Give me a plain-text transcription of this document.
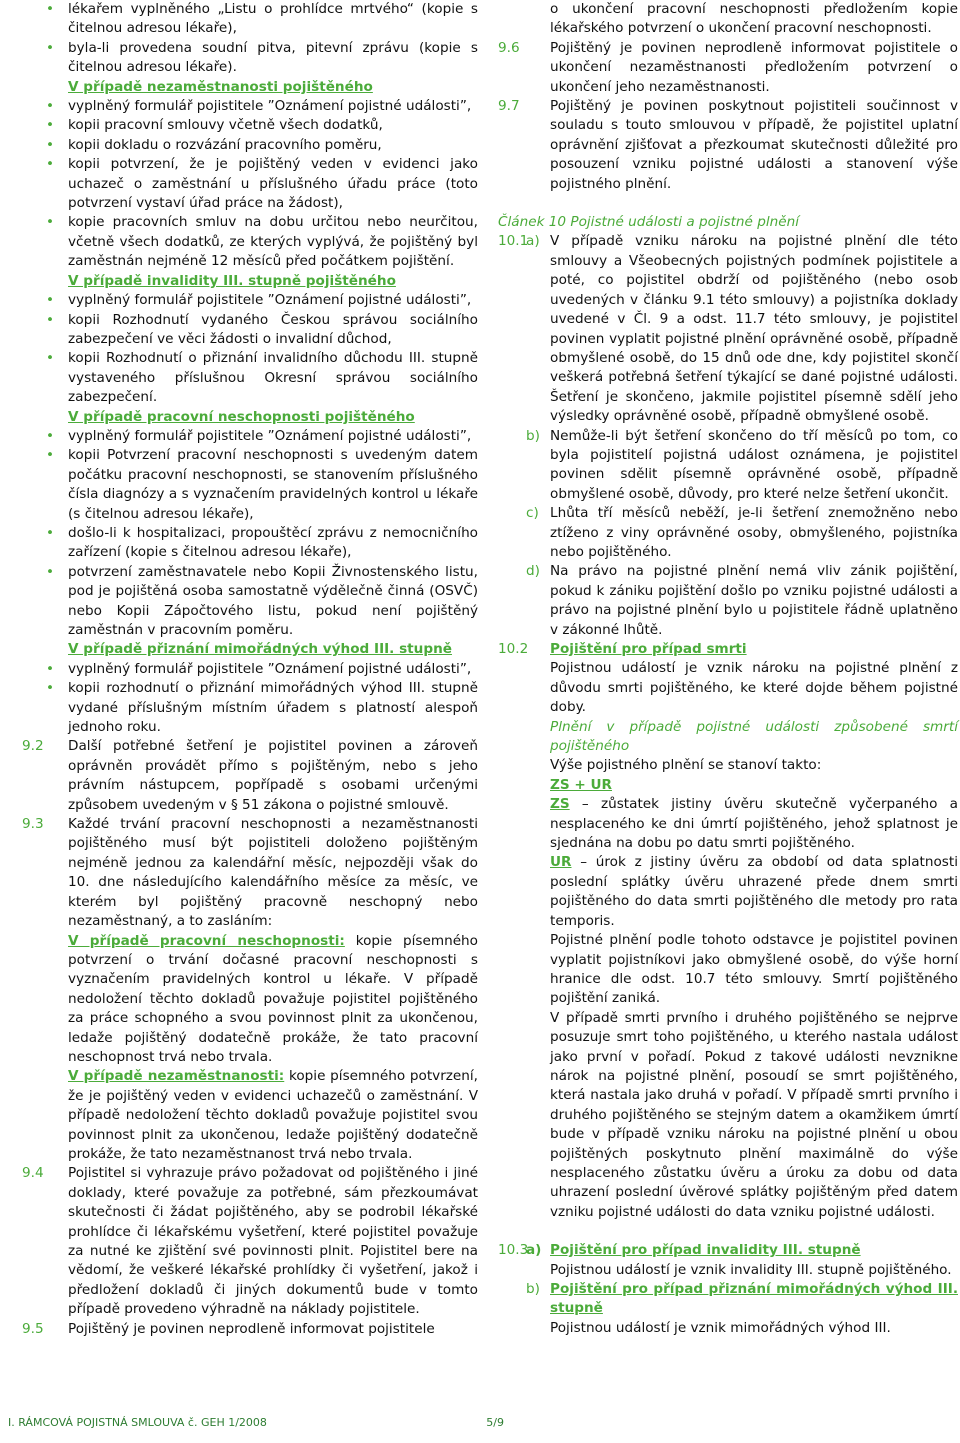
• lékařem vyplněného „Listu o prohlídce mrtvého“ (kopie s čitelnou adresou lékaře),
• byla-li provedena soudní pitva, pitevní zprávu (kopie s čitelnou adresou lékaře).
V případě nezaměstnanosti pojištěného
• vyplněný formulář pojistitele ”Oznámení pojistné události”,
• kopii pracovní smlouvy včetně všech dodatků,
• kopii dokladu o rozvázání pracovního poměru,
• kopii potvrzení, že je pojištěný veden v evidenci jako uchazeč o zaměstnání u příslušného úřadu práce (toto potvrzení vystaví úřad práce na žádost),
• kopie pracovních smluv na dobu určitou nebo neurčitou, včetně všech dodatků, ze kterých vyplývá, že pojištěný byl zaměstnán nejméně 12 měsíců před počátkem pojištění.
V případě invalidity III. stupně pojištěného
• vyplněný formulář pojistitele ”Oznámení pojistné události”,
• kopii Rozhodnutí vydaného Českou správou sociálního zabezpečení ve věci žádosti o invalidní důchod,
• kopii Rozhodnutí o přiznání invalidního důchodu III. stupně vystaveného příslušnou Okresní správou sociálního zabezpečení.
V případě pracovní neschopnosti pojištěného
• vyplněný formulář pojistitele ”Oznámení pojistné události”,
• kopii Potvrzení pracovní neschopnosti s uvedeným datem počátku pracovní neschopnosti, se stanovením příslušného čísla diagnózy a s vyznačením pravidelných kontrol u lékaře (s čitelnou adresou lékaře),
• došlo-li k hospitalizaci, propouštěcí zprávu z nemocničního zařízení (kopie s čitelnou adresou lékaře),
• potvrzení zaměstnavatele nebo Kopii Živnostenského listu, pod je pojištěná osoba samostatně výdělečně činná (OSVČ) nebo Kopii Zápočtového listu, pokud není pojištěný zaměstnán v pracovním poměru.
V případě přiznání mimořádných výhod III. stupně
• vyplněný formulář pojistitele ”Oznámení pojistné události”,
• kopii rozhodnutí o přiznání mimořádných výhod III. stupně vydané příslušným místním úřadem s platností alespoň jednoho roku.
9.2 Další potřebné šetření je pojistitel povinen a zároveň oprávněn provádět přímo s pojištěným, nebo s jeho právním nástupcem, popřípadě s osobami určenými způsobem uvedeným v § 51 zákona o pojistné smlouvě.
9.3 Každé trvání pracovní neschopnosti a nezaměstnanosti pojištěného musí být pojistiteli doloženo pojištěným nejméně jednou za kalendářní měsíc, nejpozději však do 10. dne následujícího kalendářního měsíce za měsíc, ve kterém byl pojištěný pracovně neschopný nebo nezaměstnaný, a to zasláním:
V případě pracovní neschopnosti: kopie písemného potvrzení o trvání dočasné pracovní neschopnosti s vyznačením pravidelných kontrol u lékaře. V případě nedoložení těchto dokladů považuje pojistitel pojištěného za práce schopného a svou povinnost plnit za ukončenou, ledaže pojištěný dodatečně prokáže, že tato pracovní neschopnost trvá nebo trvala.
V případě nezaměstnanosti: kopie písemného potvrzení, že je pojištěný veden v evidenci uchazečů o zaměstnání. V případě nedoložení těchto dokladů považuje pojistitel svou povinnost plnit za ukončenou, ledaže pojištěný dodatečně prokáže, že tato nezaměstnanost trvá nebo trvala.
9.4 Pojistitel si vyhrazuje právo požadovat od pojištěného i jiné doklady, které považuje za potřebné, sám přezkoumávat skutečnosti či žádat pojištěného, aby se podrobil lékařské prohlídce či lékařskému vyšetření, které pojistitel považuje za nutné ke zjištění své povinnosti plnit. Pojistitel bere na vědomí, že veškeré lékařské prohlídky či vyšetření, jakož i předložení dokladů či jiných dokumentů bude v tomto případě provedeno výhradně na náklady pojistitele.
9.5 Pojištěný je povinen neprodleně informovat pojistitele
o ukončení pracovní neschopnosti předložením kopie lékařského potvrzení o ukončení pracovní neschopnosti.
9.6 Pojištěný je povinen neprodleně informovat pojistitele o ukončení nezaměstnanosti předložením potvrzení o ukončení jeho nezaměstnanosti.
9.7 Pojištěný je povinen poskytnout pojistiteli součinnost v souladu s touto smlouvou v případě, že pojistitel uplatní oprávnění zjišťovat a přezkoumat skutečnosti důležité pro posouzení vzniku pojistné události a stanovení výše pojistného plnění.
Článek 10 Pojistné události a pojistné plnění
10.1
a) V případě vzniku nároku na pojistné plnění dle této smlouvy a Všeobecných pojistných podmínek pojistitele a poté, co pojistitel obdrží od pojištěného (nebo osob uvedených v článku 9.1 této smlouvy) a pojistníka doklady uvedené v Čl. 9 a odst. 11.7 této smlouvy, je pojistitel povinen vyplatit pojistné plnění oprávněné osobě, případně obmyšlené osobě, do 15 dnů ode dne, kdy pojistitel skončí veškerá potřebná šetření týkající se dané pojistné události. Šetření je skončeno, jakmile pojistitel písemně sdělí jeho výsledky oprávněné osobě, případně obmyšlené osobě.
b) Nemůže-li být šetření skončeno do tří měsíců po tom, co byla pojistitelí pojistná událost oznámena, je pojistitel povinen sdělit písemně oprávněné osobě, případně obmyšlené osobě, důvody, pro které nelze šetření ukončit.
c) Lhůta tří měsíců neběží, je-li šetření znemožněno nebo ztíženo z viny oprávněné osoby, obmyšleného, pojistníka nebo pojištěného.
d) Na právo na pojistné plnění nemá vliv zánik pojištění, pokud k zániku pojištění došlo po vzniku pojistné události a právo na pojistné plnění bylo u pojistitele řádně uplatněno v zákonné lhůtě.
10.2 Pojištění pro případ smrti
Pojistnou událostí je vznik nároku na pojistné plnění z důvodu smrti pojištěného, ke které dojde během pojistné doby.
Plnění v případě pojistné události způsobené smrtí pojištěného
Výše pojistného plnění se stanoví takto:
ZS + UR
ZS – zůstatek jistiny úvěru skutečně vyčerpaného a nesplaceného ke dni úmrtí pojištěného, jehož splatnost je sjednána na dobu po datu smrti pojištěného.
UR – úrok z jistiny úvěru za období od data splatnosti poslední splátky úvěru uhrazené přede dnem smrti pojištěného do data smrti pojištěného dle metody pro rata temporis.
Pojistné plnění podle tohoto odstavce je pojistitel povinen vyplatit pojistníkovi jako obmyšlené osobě, do výše horní hranice dle odst. 10.7 této smlouvy. Smrtí pojištěného pojištění zaniká.
V případě smrti prvního i druhého pojištěného se nejprve posuzuje smrt toho pojištěného, u kterého nastala událost jako první v pořadí. Pokud z takové události nevznikne nárok na pojistné plnění, posoudí se smrt pojištěného, která nastala jako druhá v pořadí. V případě smrti prvního i druhého pojištěného se stejným datem a okamžikem úmrtí bude v případě vzniku nároku na pojistné plnění u obou pojištěných poskytnuto plnění maximálně do výše nesplaceného zůstatku úvěru a úroku za dobu od data uhrazení poslední úvěrové splátky pojištěným před datem vzniku pojistné události do data vzniku pojistné události.
10.3
a) Pojištění pro případ invalidity III. stupně
Pojistnou událostí je vznik invalidity III. stupně pojištěného.
b) Pojištění pro případ přiznání mimořádných výhod III. stupně
Pojistnou událostí je vznik mimořádných výhod III.
I. RÁMCOVÁ POJISTNÁ SMLOUVA č. GEH 1/2008	5/9
